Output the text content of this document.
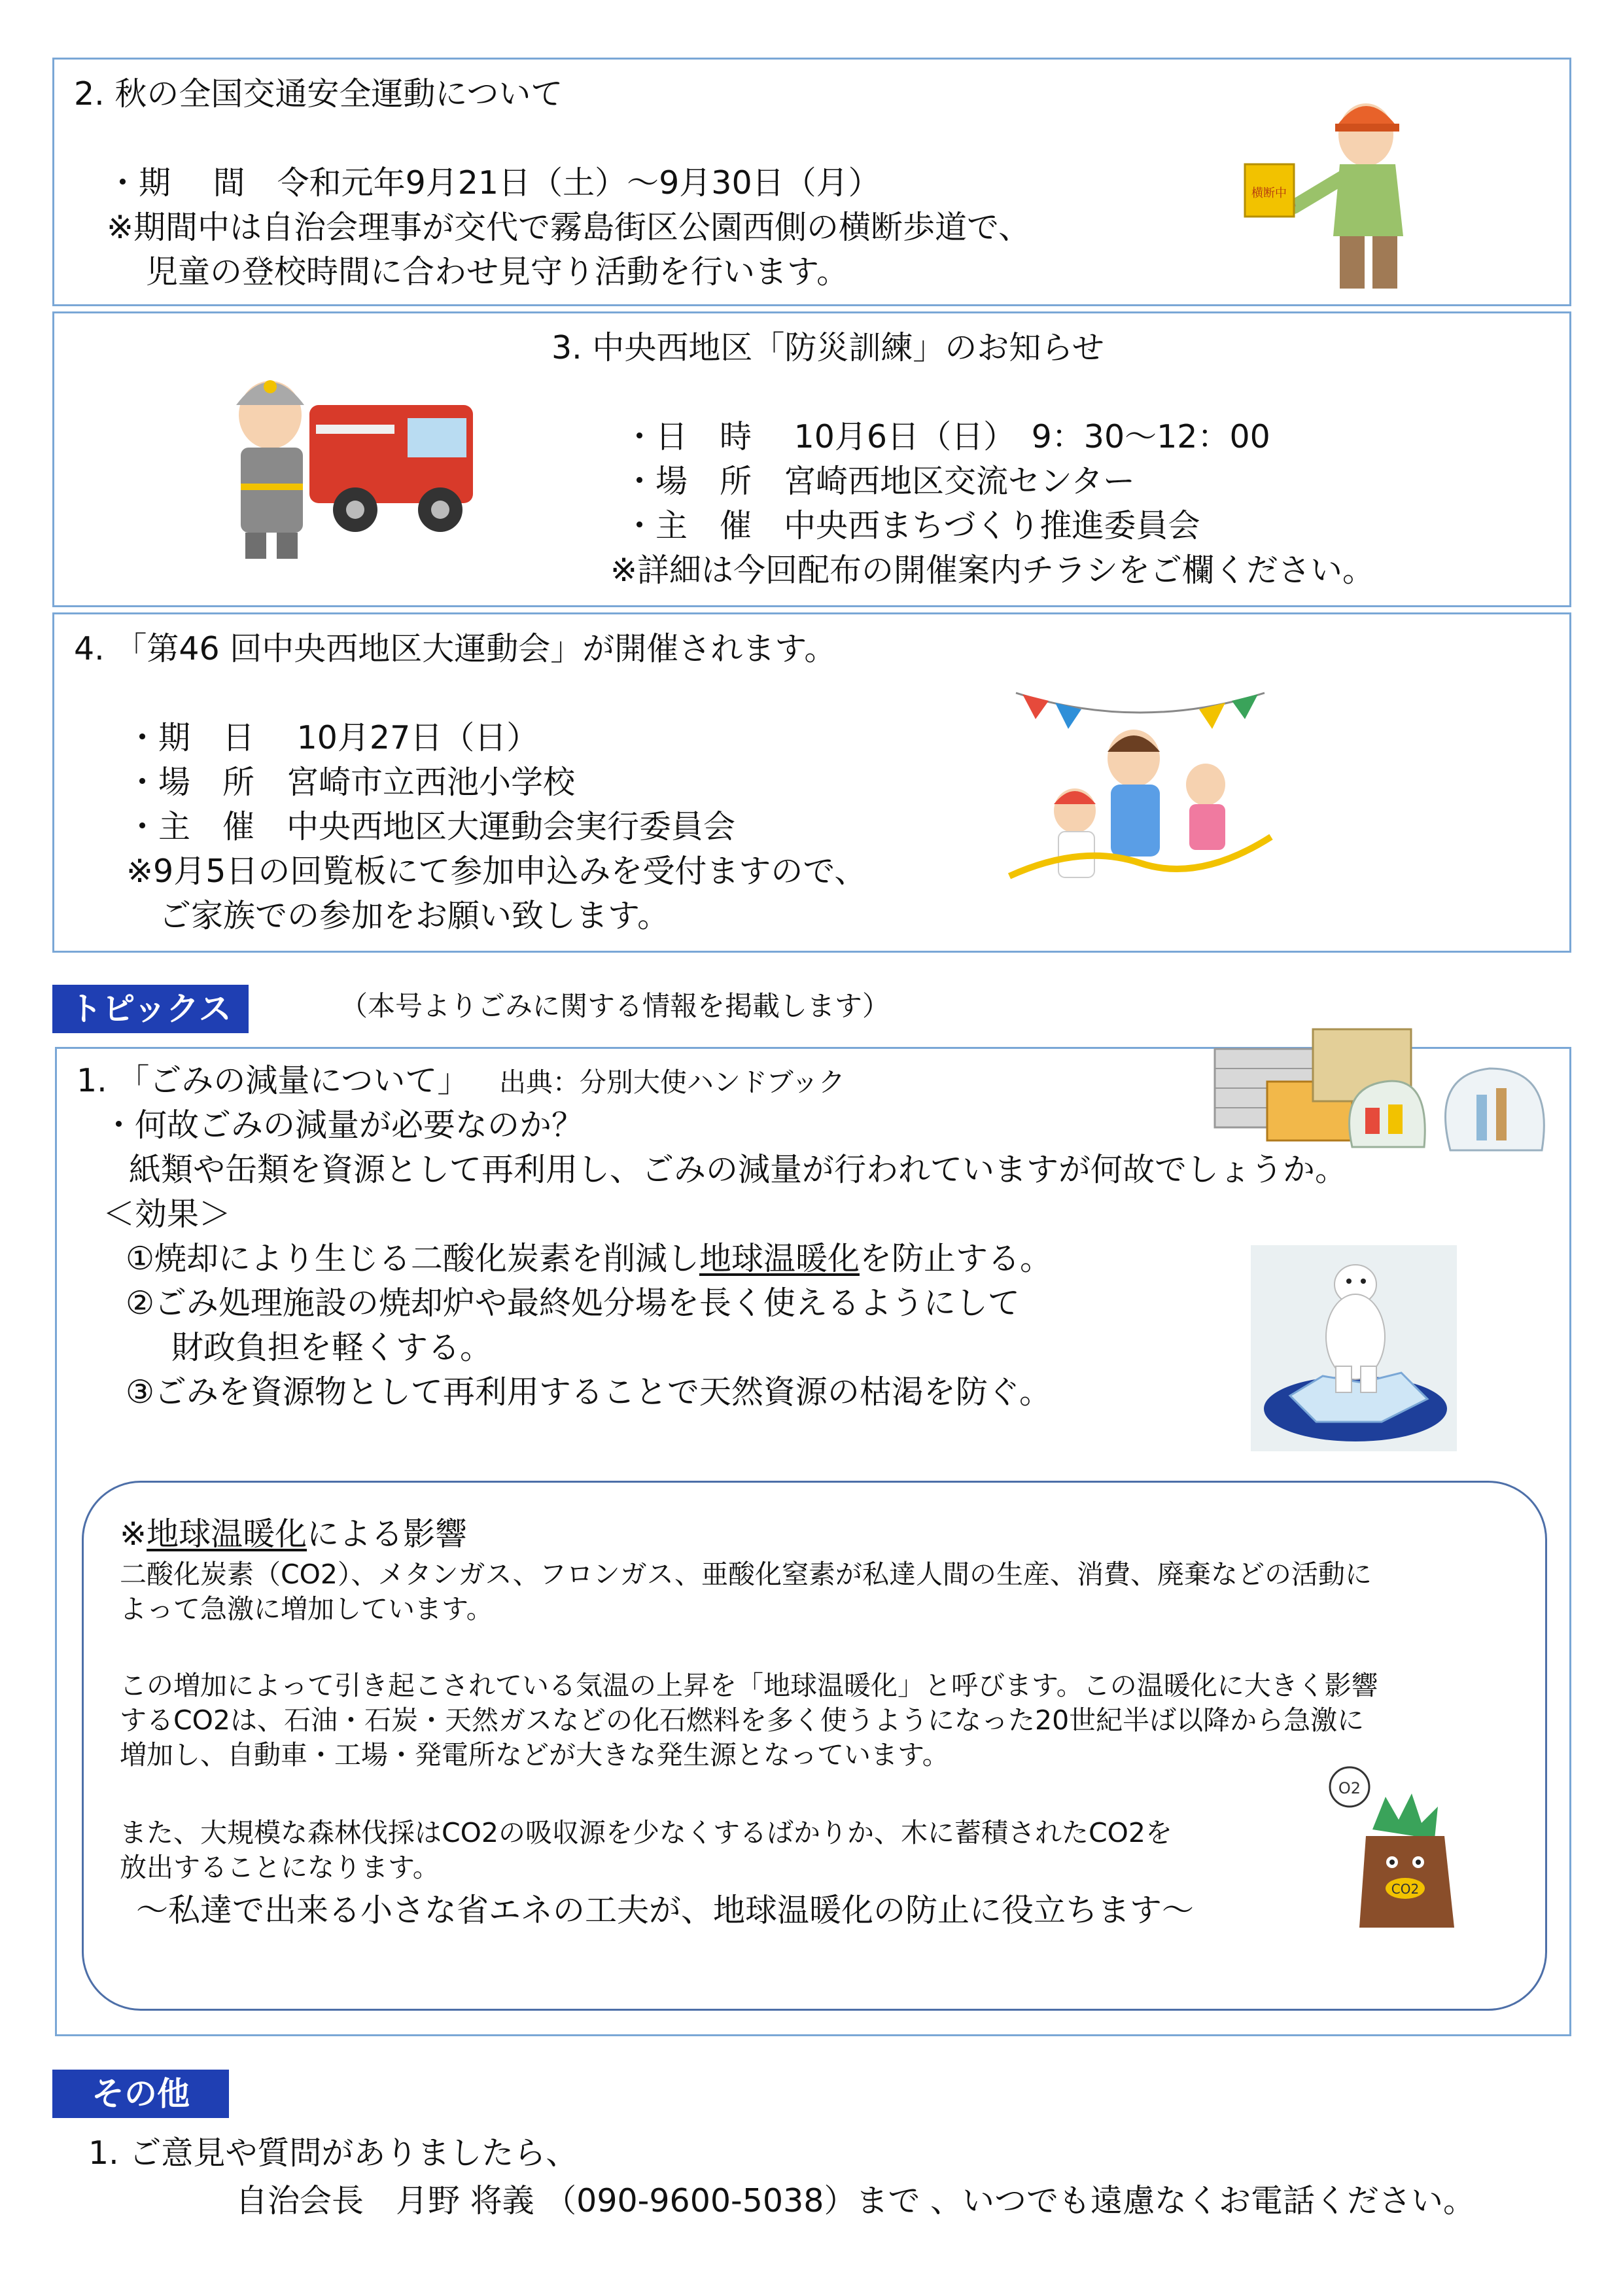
2. 秋の全国交通安全運動について
・期　 間　令和元年9月21日（土）～9月30日（月）
※期間中は自治会理事が交代で霧島街区公園西側の横断歩道で、
児童の登校時間に合わせ見守り活動を行います。
横断中
3. 中央西地区「防災訓練」のお知らせ
・日　時　 10月6日（日）　9：30～12：00
・場　所　宮崎西地区交流センター
・主　催　中央西まちづくり推進委員会
※詳細は今回配布の開催案内チラシをご欄ください。
4. 「第46 回中央西地区大運動会」が開催されます。
・期　日　 10月27日（日）
・場　所　宮崎市立西池小学校
・主　催　中央西地区大運動会実行委員会
※9月5日の回覧板にて参加申込みを受付ますので、
ご家族での参加をお願い致します。
トピックス	（本号よりごみに関する情報を掲載します）
1. 「ごみの減量について」 出典：分別大使ハンドブック
・何故ごみの減量が必要なのか？
紙類や缶類を資源として再利用し、ごみの減量が行われていますが何故でしょうか。
＜効果＞
①焼却により生じる二酸化炭素を削減し地球温暖化を防止する。
②ごみ処理施設の焼却炉や最終処分場を長く使えるようにして
財政負担を軽くする。
③ごみを資源物として再利用することで天然資源の枯渇を防ぐ。
※地球温暖化による影響
二酸化炭素（CO2）、メタンガス、フロンガス、亜酸化窒素が私達人間の生産、消費、廃棄などの活動に
よって急激に増加しています。
この増加によって引き起こされている気温の上昇を「地球温暖化」と呼びます。この温暖化に大きく影響
するCO2は、石油・石炭・天然ガスなどの化石燃料を多く使うようになった20世紀半ば以降から急激に
増加し、自動車・工場・発電所などが大きな発生源となっています。
また、大規模な森林伐採はCO2の吸収源を少なくするばかりか、木に蓄積されたCO2を
放出することになります。
～私達で出来る小さな省エネの工夫が、地球温暖化の防止に役立ちます～
O2
CO2
その他
1. ご意見や質問がありましたら、
自治会長　月野 将義 （090-9600-5038）まで 、いつでも遠慮なくお電話ください。
